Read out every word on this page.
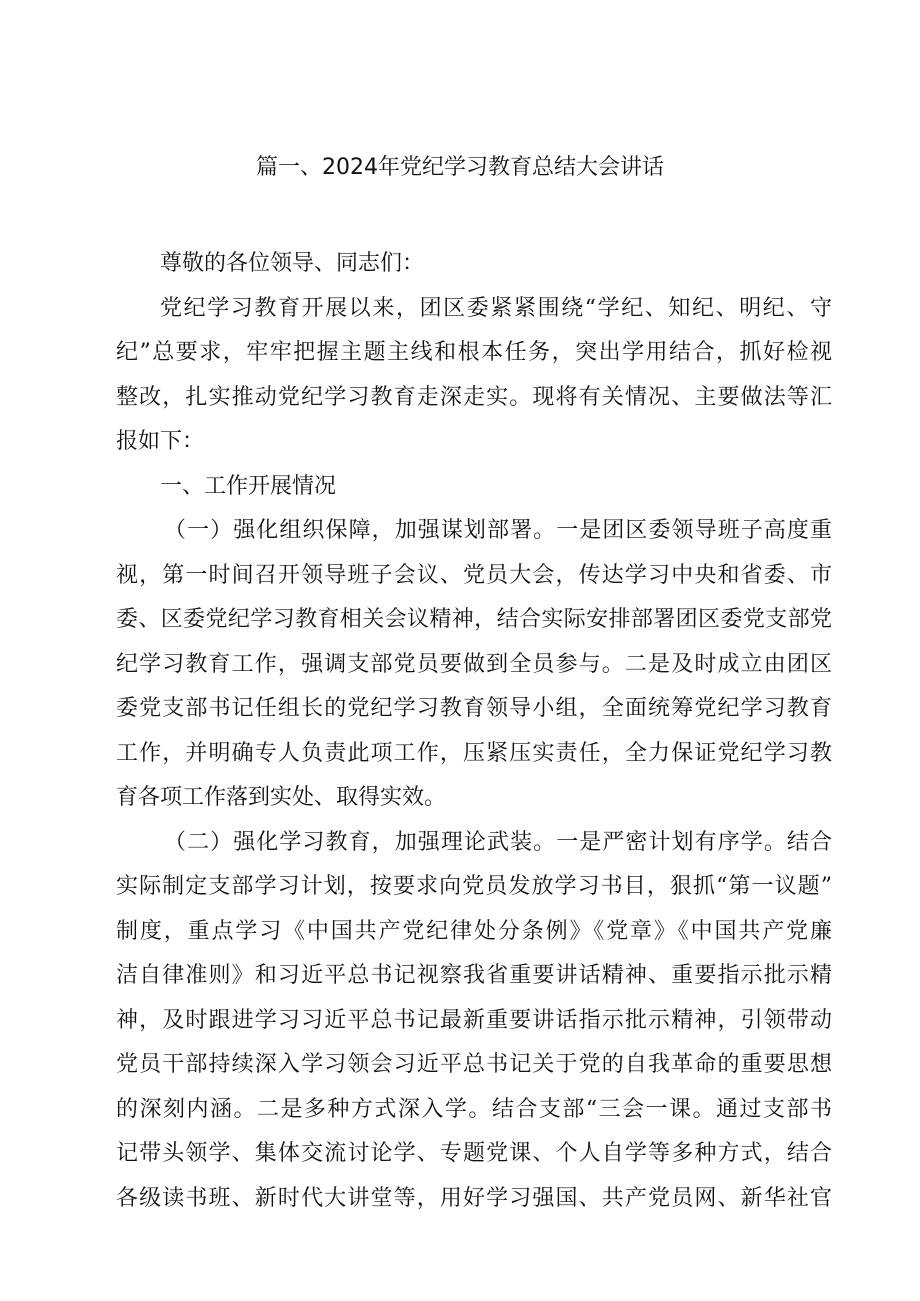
篇一、2024年党纪学习教育总结大会讲话
尊敬的各位领导、同志们：
党纪学习教育开展以来，团区委紧紧围绕“学纪、知纪、明纪、守
纪”总要求，牢牢把握主题主线和根本任务，突出学用结合，抓好检视
整改，扎实推动党纪学习教育走深走实。现将有关情况、主要做法等汇
报如下：
一、工作开展情况
（一）强化组织保障，加强谋划部署。一是团区委领导班子高度重
视，第一时间召开领导班子会议、党员大会，传达学习中央和省委、市
委、区委党纪学习教育相关会议精神，结合实际安排部署团区委党支部党
纪学习教育工作，强调支部党员要做到全员参与。二是及时成立由团区
委党支部书记任组长的党纪学习教育领导小组，全面统筹党纪学习教育
工作，并明确专人负责此项工作，压紧压实责任，全力保证党纪学习教
育各项工作落到实处、取得实效。
（二）强化学习教育，加强理论武装。一是严密计划有序学。结合
实际制定支部学习计划，按要求向党员发放学习书目，狠抓“第一议题”
制度，重点学习《中国共产党纪律处分条例》《党章》《中国共产党廉
洁自律准则》和习近平总书记视察我省重要讲话精神、重要指示批示精
神，及时跟进学习习近平总书记最新重要讲话指示批示精神，引领带动
党员干部持续深入学习领会习近平总书记关于党的自我革命的重要思想
的深刻内涵。二是多种方式深入学。结合支部“三会一课。通过支部书
记带头领学、集体交流讨论学、专题党课、个人自学等多种方式，结合
各级读书班、新时代大讲堂等，用好学习强国、共产党员网、新华社官
